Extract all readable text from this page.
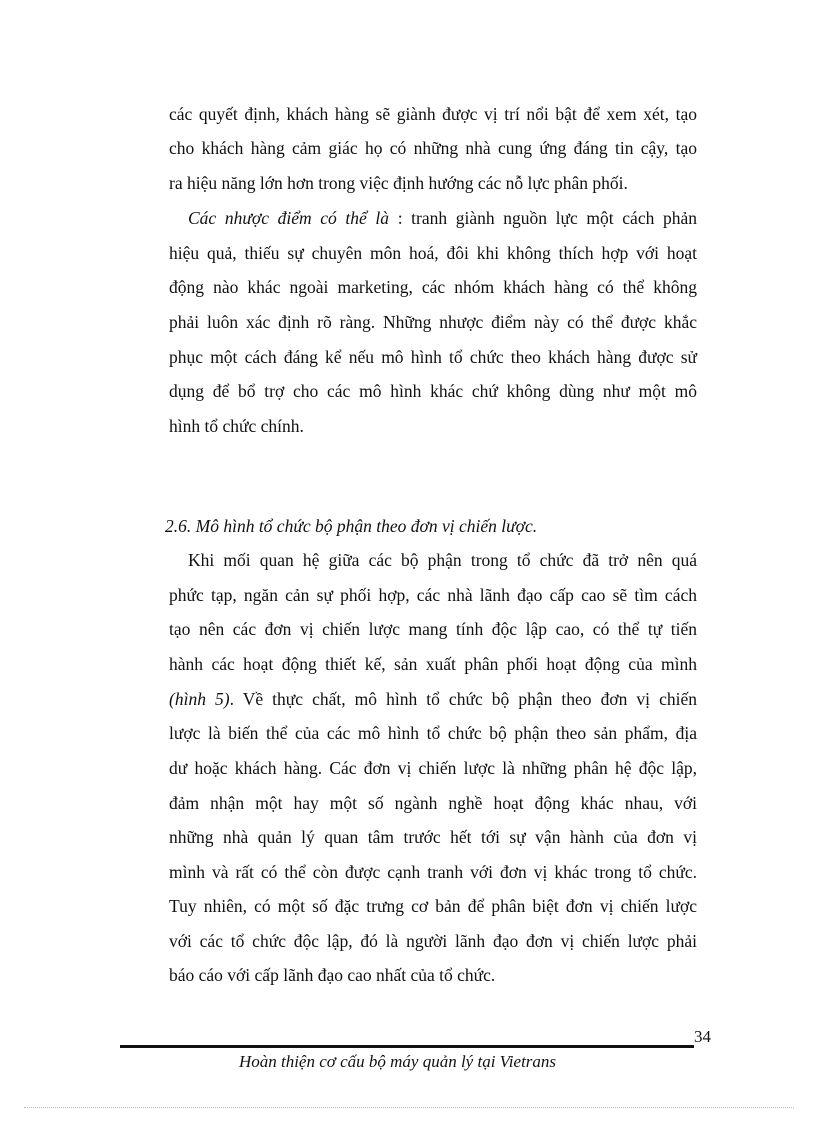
các quyết định, khách hàng sẽ giành được vị trí nổi bật để xem xét, tạo
cho khách hàng cảm giác họ có những nhà cung ứng đáng tin cậy, tạo
ra hiệu năng lớn hơn trong việc định hướng các nỗ lực phân phối.
Các nhược điểm có thể là : tranh giành nguồn lực một cách phản
hiệu quả, thiếu sự chuyên môn hoá, đôi khi không thích hợp với hoạt
động nào khác ngoài marketing, các nhóm khách hàng có thể không
phải luôn xác định rõ ràng. Những nhược điểm này có thể được khắc
phục một cách đáng kể nếu mô hình tổ chức theo khách hàng được sử
dụng để bổ trợ cho các mô hình khác chứ không dùng như một mô
hình tổ chức chính.
2.6. Mô hình tổ chức bộ phận theo đơn vị chiến lược.
Khi mối quan hệ giữa các bộ phận trong tổ chức đã trở nên quá
phức tạp, ngăn cản sự phối hợp, các nhà lãnh đạo cấp cao sẽ tìm cách
tạo nên các đơn vị chiến lược mang tính độc lập cao, có thể tự tiến
hành các hoạt động thiết kế, sản xuất phân phối hoạt động của mình
(hình 5). Về thực chất, mô hình tổ chức bộ phận theo đơn vị chiến
lược là biến thể của các mô hình tổ chức bộ phận theo sản phẩm, địa
dư hoặc khách hàng. Các đơn vị chiến lược là những phân hệ độc lập,
đảm nhận một hay một số ngành nghề hoạt động khác nhau, với
những nhà quản lý quan tâm trước hết tới sự vận hành của đơn vị
mình và rất có thể còn được cạnh tranh với đơn vị khác trong tổ chức.
Tuy nhiên, có một số đặc trưng cơ bản để phân biệt đơn vị chiến lược
với các tổ chức độc lập, đó là người lãnh đạo đơn vị chiến lược phải
báo cáo với cấp lãnh đạo cao nhất của tổ chức.
34
Hoàn thiện cơ cấu bộ máy quản lý tại Vietrans
